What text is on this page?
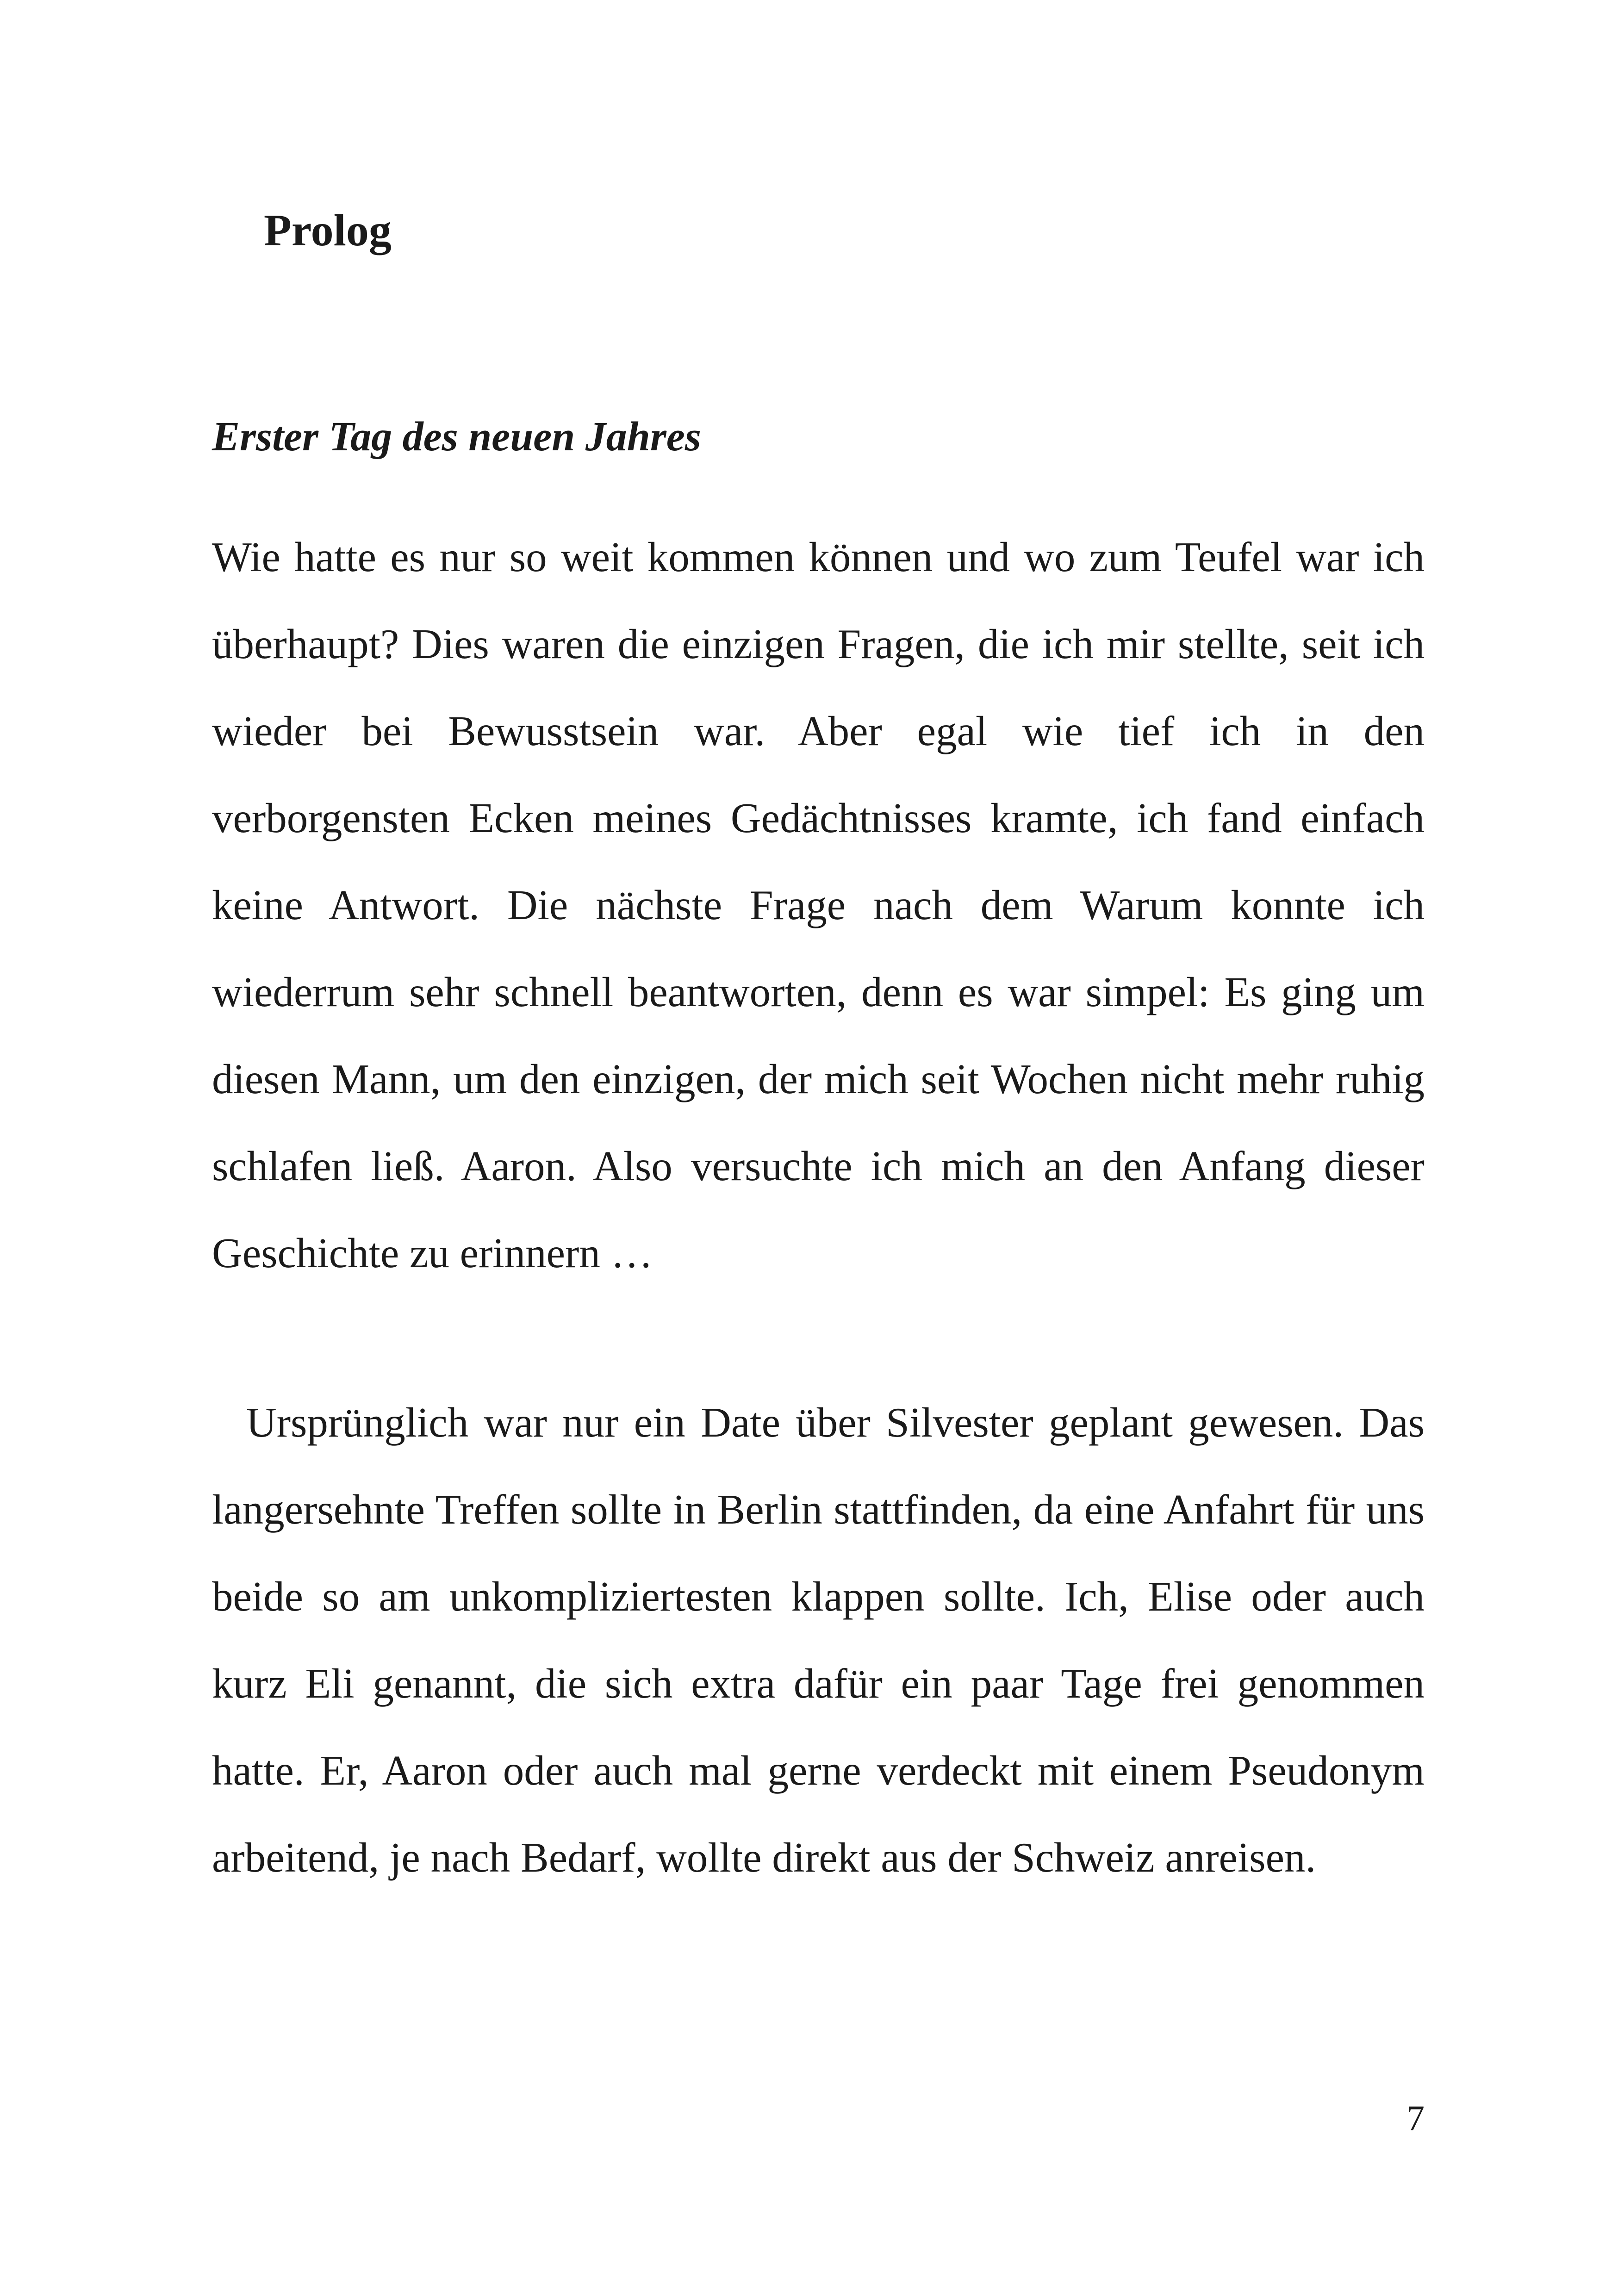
Prolog
Erster Tag des neuen Jahres

Wie hatte es nur so weit kommen können und wo zum Teufel war ich überhaupt? Dies waren die einzigen Fragen, die ich mir stellte, seit ich wieder bei Bewusstsein war. Aber egal wie tief ich in den verborgensten Ecken meines Gedächtnisses kramte, ich fand einfach keine Antwort. Die nächste Frage nach dem Warum konnte ich wiederrum sehr schnell beantworten, denn es war simpel: Es ging um diesen Mann, um den einzigen, der mich seit Wochen nicht mehr ruhig schlafen ließ. Aaron. Also versuchte ich mich an den Anfang dieser Geschichte zu erinnern …

Ursprünglich war nur ein Date über Silvester geplant gewesen. Das langersehnte Treffen sollte in Berlin stattfinden, da eine Anfahrt für uns beide so am unkompliziertesten klappen sollte. Ich, Elise oder auch kurz Eli genannt, die sich extra dafür ein paar Tage frei genommen hatte. Er, Aaron oder auch mal gerne verdeckt mit einem Pseudonym arbeitend, je nach Bedarf, wollte direkt aus der Schweiz anreisen.

7
